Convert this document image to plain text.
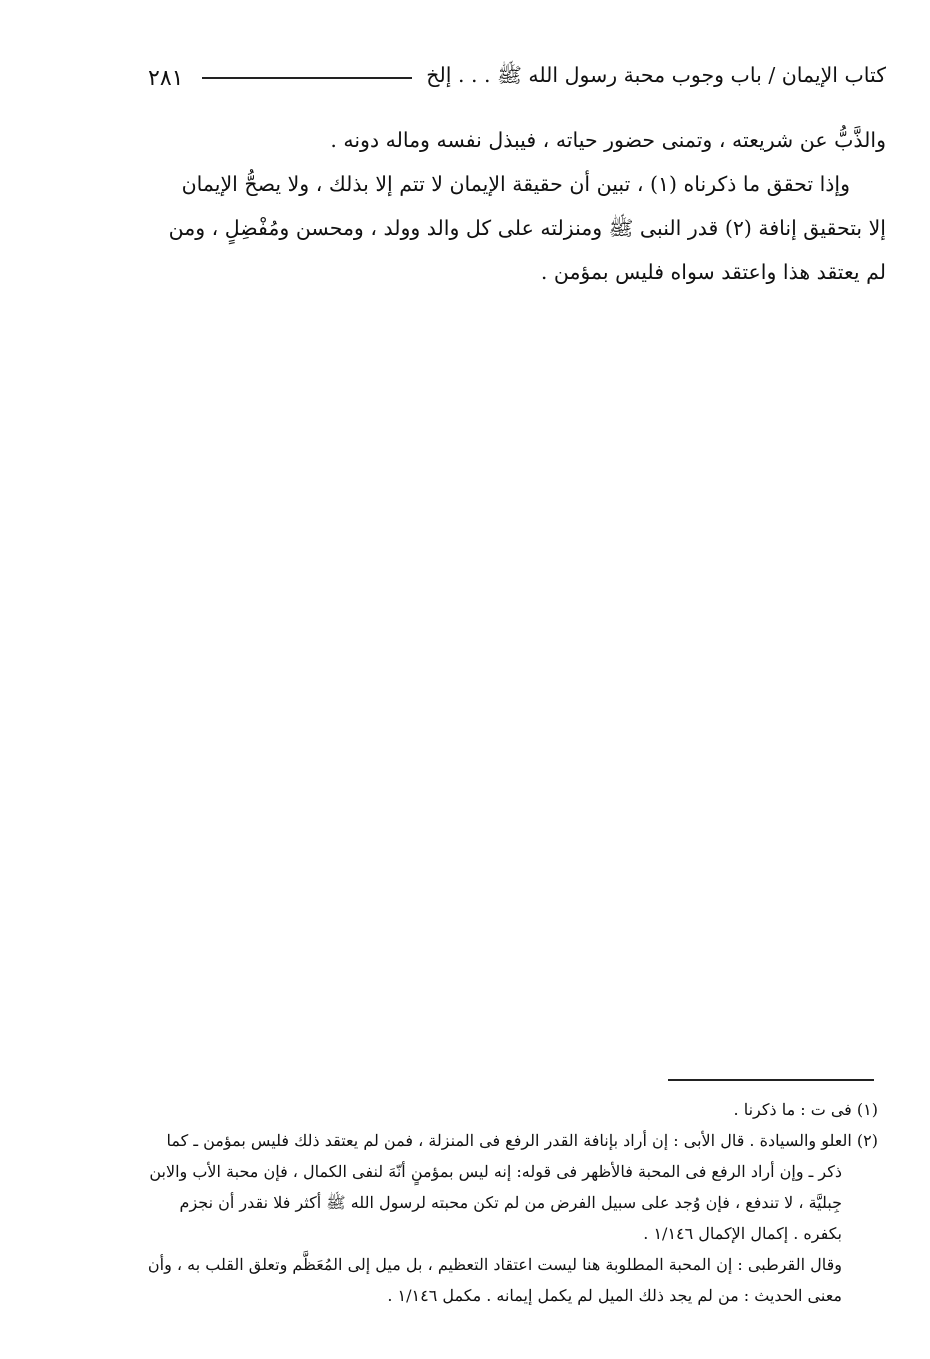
٢٨١	كتاب الإيمان / باب وجوب محبة رسول الله ﷺ . . . إلخ
والذَّبُّ عن شريعته ، وتمنى حضور حياته ، فيبذل نفسه وماله دونه .
وإذا تحقق ما ذكرناه (١) ، تبين أن حقيقة الإيمان لا تتم إلا بذلك ، ولا يصحُّ الإيمان
إلا بتحقيق إنافة (٢) قدر النبى ﷺ ومنزلته على كل والد وولد ، ومحسن ومُفْضِلٍ ، ومن
لم يعتقد هذا واعتقد سواه فليس بمؤمن .
(١) فى ت : ما ذكرنا .
(٢) العلو والسيادة . قال الأبى : إن أراد بإنافة القدر الرفع فى المنزلة ، فمن لم يعتقد ذلك فليس بمؤمن ـ كما
ذكر ـ وإن أراد الرفع فى المحبة فالأظهر فى قوله: إنه ليس بمؤمنٍ أنّهَ لنفى الكمال ، فإن محبة الأب والابن
جِبليَّة ، لا تندفع ، فإن وُجد على سبيل الفرض من لم تكن محبته لرسول الله ﷺ أكثر فلا نقدر أن نجزم
بكفره . إكمال الإكمال ١/١٤٦ .
وقال القرطبى : إن المحبة المطلوبة هنا ليست اعتقاد التعظيم ، بل ميل إلى المُعَظَّم وتعلق القلب به ، وأن
معنى الحديث : من لم يجد ذلك الميل لم يكمل إيمانه . مكمل ١/١٤٦ .
